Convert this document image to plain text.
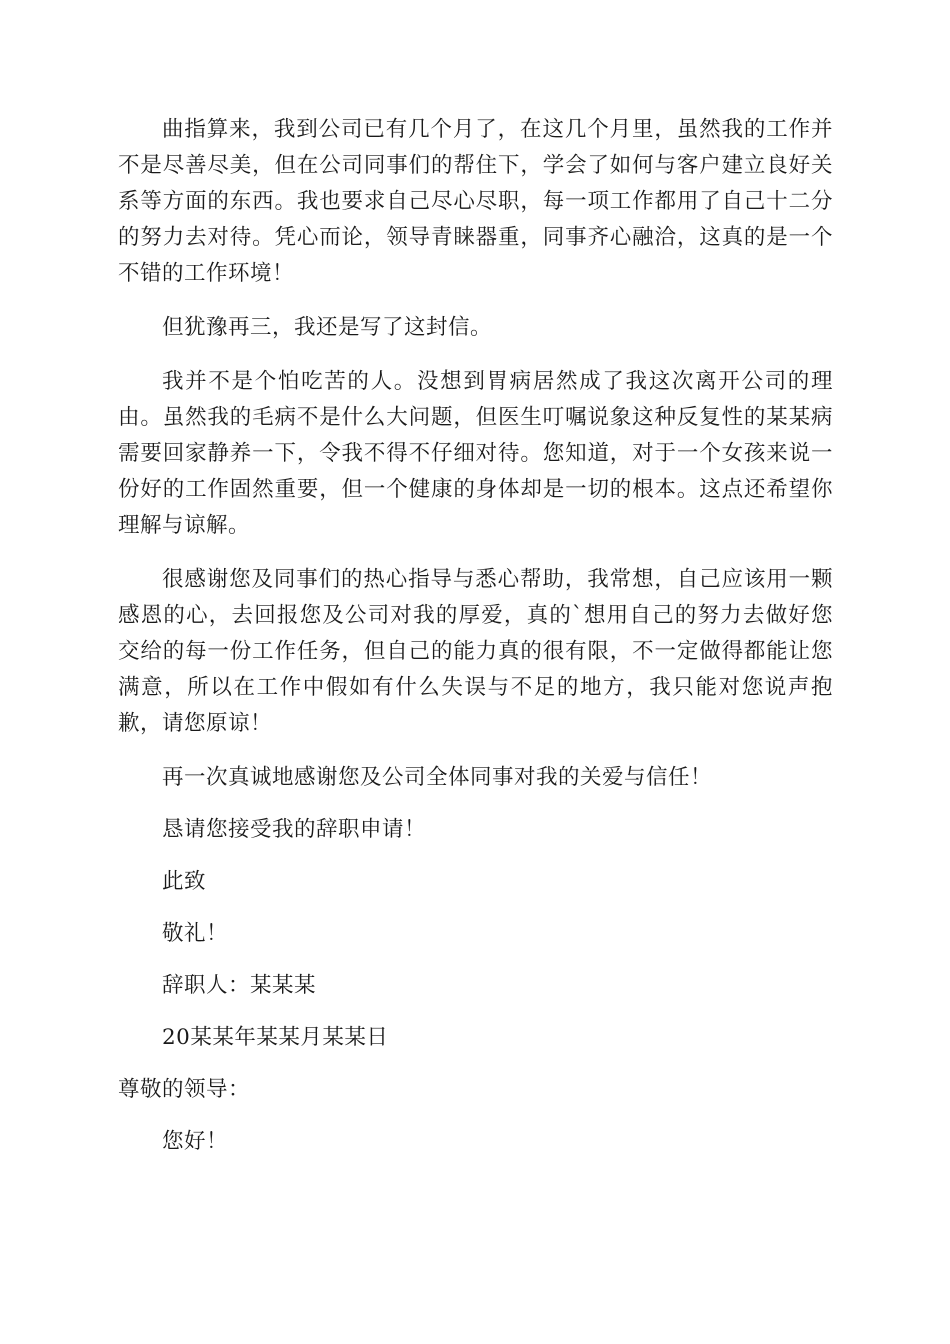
曲指算来，我到公司已有几个月了，在这几个月里，虽然我的工作并不是尽善尽美，但在公司同事们的帮住下，学会了如何与客户建立良好关系等方面的东西。我也要求自己尽心尽职，每一项工作都用了自己十二分的努力去对待。凭心而论，领导青睐器重，同事齐心融洽，这真的是一个不错的工作环境！

但犹豫再三，我还是写了这封信。

我并不是个怕吃苦的人。没想到胃病居然成了我这次离开公司的理由。虽然我的毛病不是什么大问题，但医生叮嘱说象这种反复性的某某病需要回家静养一下，令我不得不仔细对待。您知道，对于一个女孩来说一份好的工作固然重要，但一个健康的身体却是一切的根本。这点还希望你理解与谅解。

很感谢您及同事们的热心指导与悉心帮助，我常想，自己应该用一颗感恩的心，去回报您及公司对我的厚爱，真的`想用自己的努力去做好您交给的每一份工作任务，但自己的能力真的很有限，不一定做得都能让您满意，所以在工作中假如有什么失误与不足的地方，我只能对您说声抱歉，请您原谅！

再一次真诚地感谢您及公司全体同事对我的关爱与信任！

恳请您接受我的辞职申请！

此致

敬礼！

辞职人：某某某

20某某年某某月某某日

尊敬的领导：

您好！
